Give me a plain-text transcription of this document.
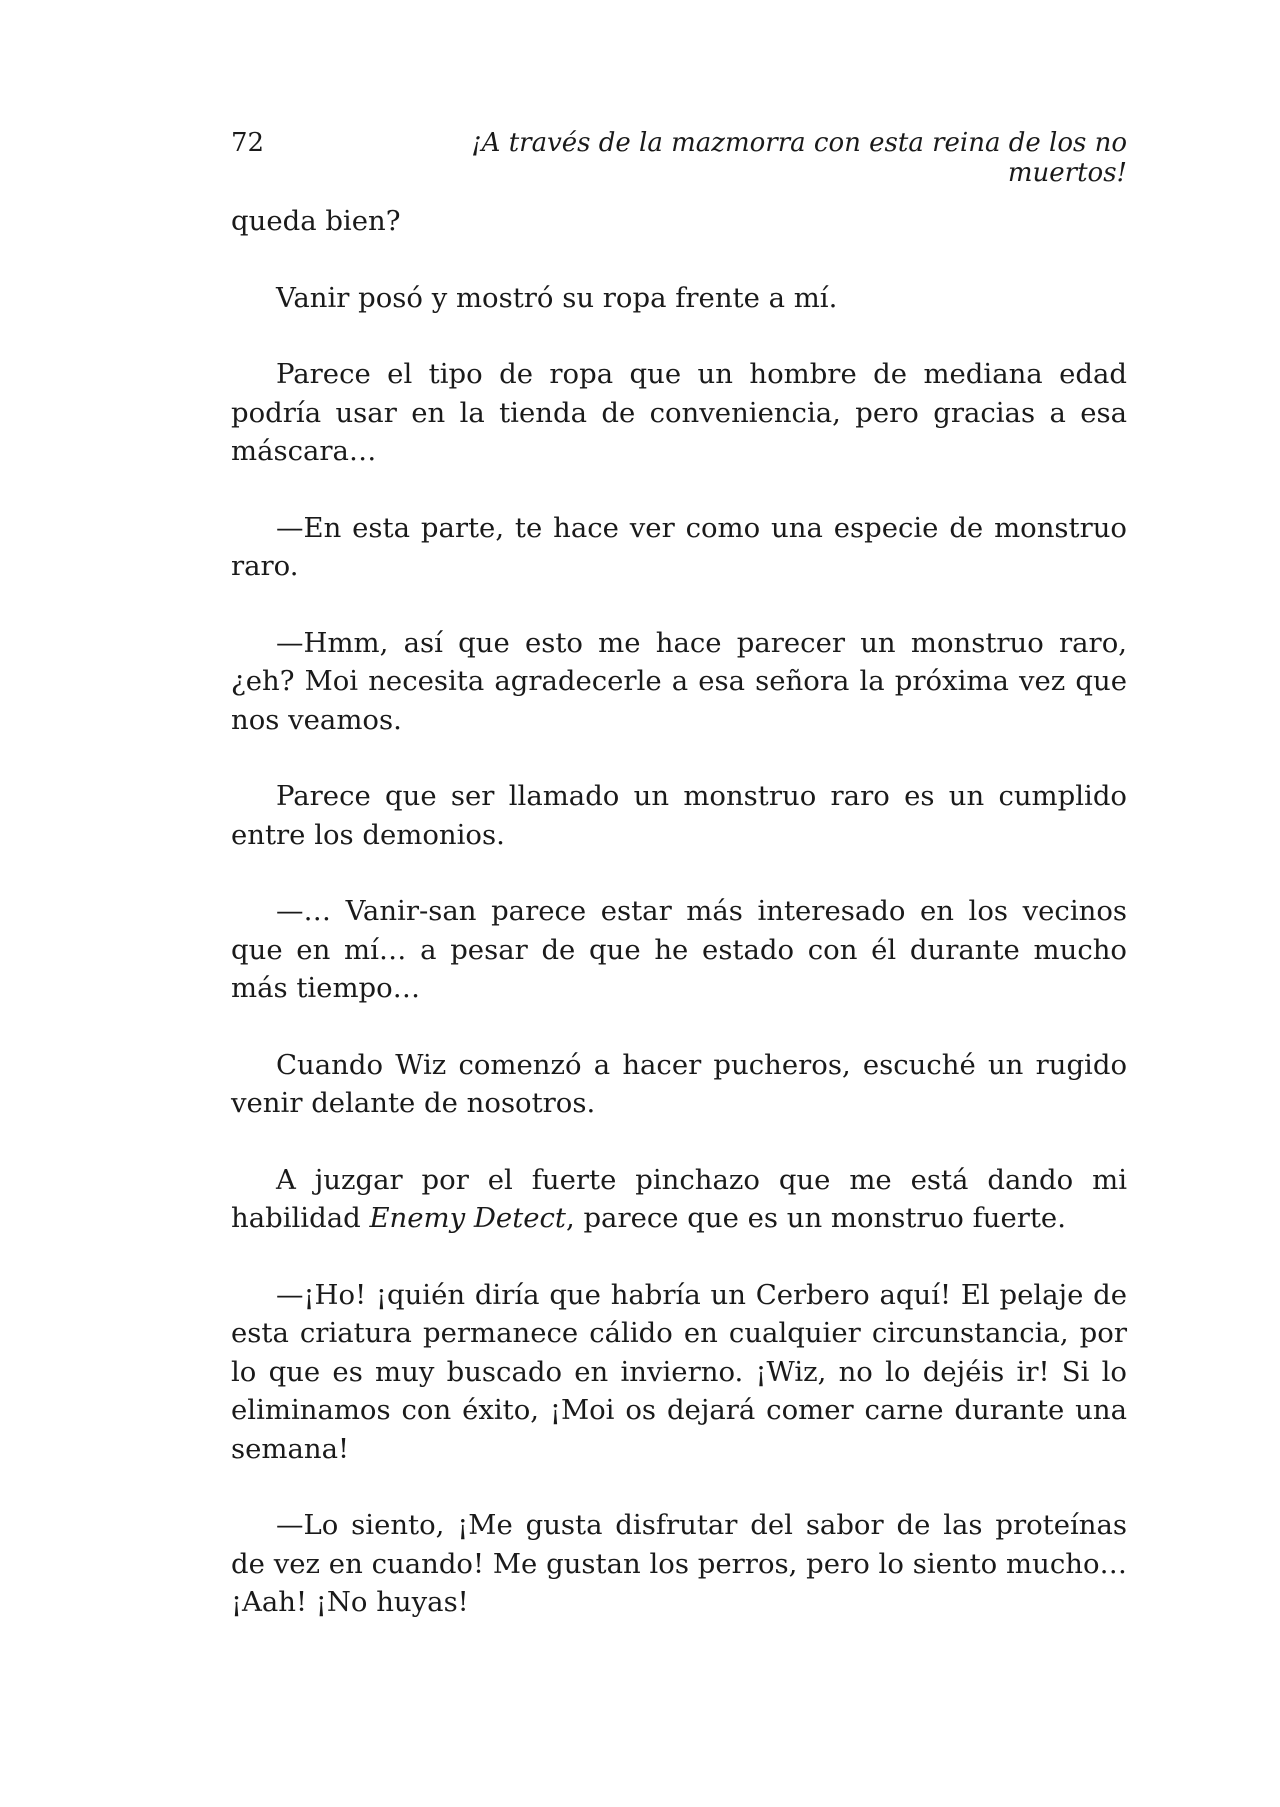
72	¡A través de la mazmorra con esta reina de los no muertos!

queda bien?

Vanir posó y mostró su ropa frente a mí.

Parece el tipo de ropa que un hombre de mediana edad podría usar en la tienda de conveniencia, pero gracias a esa máscara…

—En esta parte, te hace ver como una especie de monstruo raro.

—Hmm, así que esto me hace parecer un monstruo raro, ¿eh? Moi necesita agradecerle a esa señora la próxima vez que nos veamos.

Parece que ser llamado un monstruo raro es un cumplido entre los demonios.

—… Vanir-san parece estar más interesado en los vecinos que en mí… a pesar de que he estado con él durante mucho más tiempo…

Cuando Wiz comenzó a hacer pucheros, escuché un rugido venir delante de nosotros.

A juzgar por el fuerte pinchazo que me está dando mi habilidad Enemy Detect, parece que es un monstruo fuerte.

—¡Ho! ¡quién diría que habría un Cerbero aquí! El pelaje de esta criatura permanece cálido en cualquier circunstancia, por lo que es muy buscado en invierno. ¡Wiz, no lo dejéis ir! Si lo eliminamos con éxito, ¡Moi os dejará comer carne durante una semana!

—Lo siento, ¡Me gusta disfrutar del sabor de las proteínas de vez en cuando! Me gustan los perros, pero lo siento mucho… ¡Aah! ¡No huyas!
